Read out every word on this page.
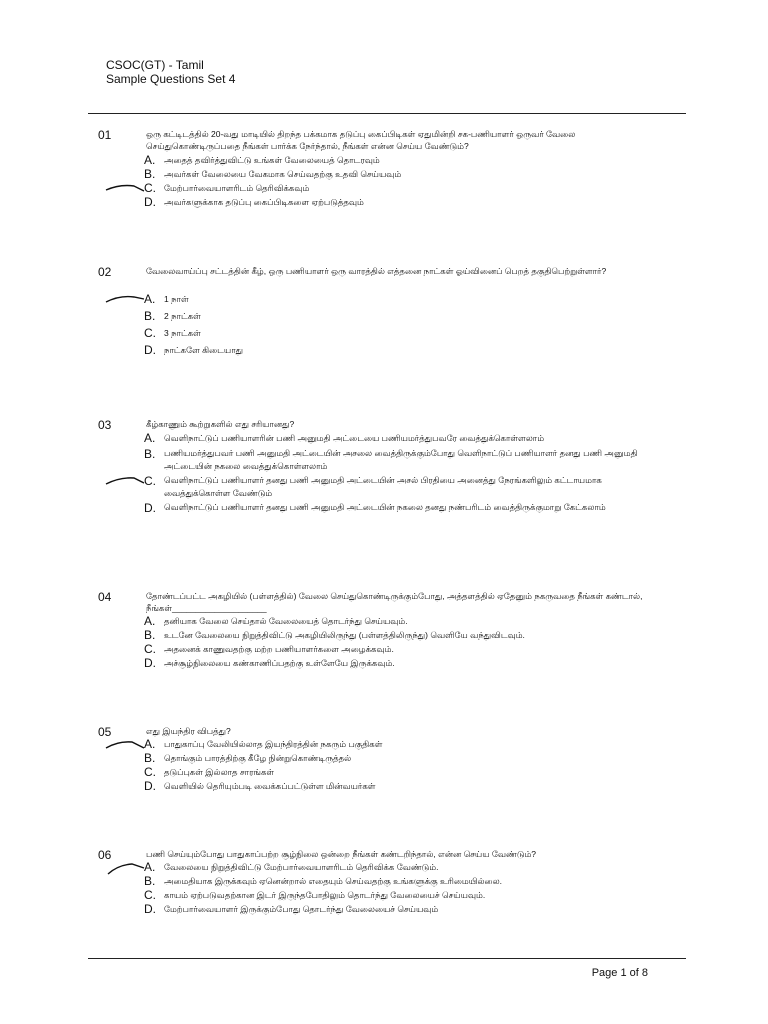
CSOC(GT) - Tamil
Sample Questions Set 4
01	ஒரு கட்டிடத்தில் 20-வது மாடியில் திறந்த பக்கமாக தடுப்பு கைப்பிடிகள் ஏதுமின்றி சக-பணியாளர் ஒருவர் வேலை செய்துகொண்டிருப்பதை நீங்கள் பார்க்க நேர்ந்தால், நீங்கள் என்ன செய்ய வேண்டும்?
A. அதைத் தவிர்த்துவிட்டு உங்கள் வேலையைத் தொடரவும்
B. அவர்கள் வேலையை வேகமாக செய்வதற்கு உதவி செய்யவும்
C. மேற்பார்வையாளரிடம் தெரிவிக்கவும்
D. அவர்களுக்காக தடுப்பு கைப்பிடிகளை ஏற்படுத்தவும்
02	வேலைவாய்ப்பு சட்டத்தின் கீழ், ஒரு பணியாளர் ஒரு வாரத்தில் எத்தனை நாட்கள் ஓய்வினைப் பெறத் தகுதிபெற்றுள்ளார்?
A. 1 நாள்
B. 2 நாட்கள்
C. 3 நாட்கள்
D. நாட்களே கிடையாது
03	கீழ்காணும் கூற்றுகளில் எது சரியானது?
A. வெளிநாட்டுப் பணியாளரின் பணி அனுமதி அட்டையை பணியமர்த்துபவரே வைத்துக்கொள்ளலாம்
B. பணியமர்த்துபவர் பணி அனுமதி அட்டையின் அசலை வைத்திருக்கும்போது வெளிநாட்டுப் பணியாளர் தனது பணி அனுமதி அட்டையின் நகலை வைத்துக்கொள்ளலாம்
C. வெளிநாட்டுப் பணியாளர் தனது பணி அனுமதி அட்டையின் அசல் பிரதியை அனைத்து நேரங்களிலும் கட்டாயமாக வைத்துக்கொள்ள வேண்டும்
D. வெளிநாட்டுப் பணியாளர் தனது பணி அனுமதி அட்டையின் நகலை தனது நண்பரிடம் வைத்திருக்குமாறு கேட்கலாம்
04	தோண்டப்பட்ட அகழியில் (பள்ளத்தில்) வேலை செய்துகொண்டிருக்கும்போது, அத்தளத்தில் ஏதேனும் நகருவதை நீங்கள் கண்டால், நீங்கள்____________________
A. தனியாக வேலை செய்தால் வேலையைத் தொடர்ந்து செய்யவும்.
B. உடனே வேலையை நிறுத்திவிட்டு அகழியிலிருந்து (பள்ளத்திலிருந்து) வெளியே வந்துவிடவும்.
C. அதனைக் காணுவதற்கு மற்ற பணியாளர்களை அழைக்கவும்.
D. அச்சூழ்நிலையை கண்காணிப்பதற்கு உள்ளேயே இருக்கவும்.
05	எது இயந்திர விபத்து?
A. பாதுகாப்பு வேலியில்லாத இயந்திரத்தின் நகரும் பகுதிகள்
B. தொங்கும் பாரத்திற்கு கீழே நின்றுகொண்டிருத்தல்
C. தடுப்புகள் இல்லாத சாரங்கள்
D. வெளியில் தெரியும்படி வைக்கப்பட்டுள்ள மின்வயர்கள்
06	பணி செய்யும்போது பாதுகாப்பற்ற சூழ்நிலை ஒன்றை நீங்கள் கண்டறிந்தால், என்ன செய்ய வேண்டும்?
A. வேலையை நிறுத்திவிட்டு மேற்பார்வையாளரிடம் தெரிவிக்க வேண்டும்.
B. அமைதியாக இருக்கவும் ஏனென்றால் எதையும் செய்வதற்கு உங்களுக்கு உரிமையில்லை.
C. காயம் ஏற்படுவதற்கான இடர் இருந்தபோதிலும் தொடர்ந்து வேலையைச் செய்யவும்.
D. மேற்பார்வையாளர் இருக்கும்போது தொடர்ந்து வேலையைச் செய்யவும்
Page 1 of 8
